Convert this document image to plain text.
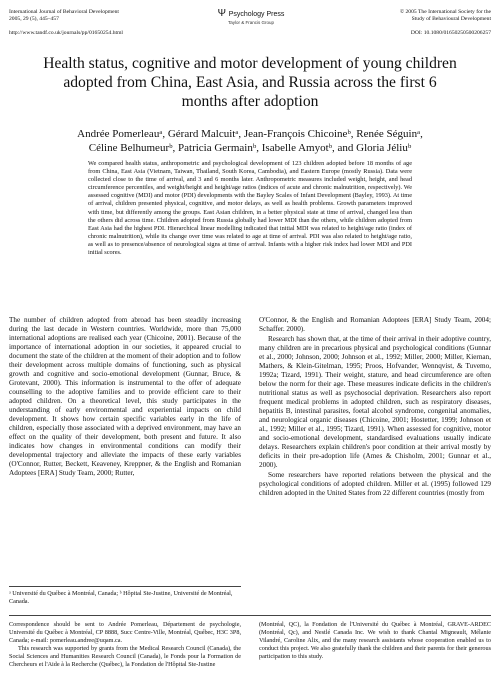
International Journal of Behavioral Development
2005, 29 (5), 445–457	Ψ Psychology Press
Taylor & Francis Group
© 2005 The International Society for the
Study of Behavioural Development
http://www.tandf.co.uk/journals/pp/01650254.html	DOI: 10.1080/01650250500206257
Health status, cognitive and motor development of young children adopted from China, East Asia, and Russia across the first 6 months after adoption
Andrée Pomerleauᵃ, Gérard Malcuitᵃ, Jean-François Chicoineᵇ, Renée Séguinᵃ,
Céline Belhumeurᵇ, Patricia Germainᵇ, Isabelle Amyotᵇ, and Gloria Jéliuᵇ

We compared health status, anthropometric and psychological development of 123 children adopted before 18 months of age from China, East Asia (Vietnam, Taiwan, Thailand, South Korea, Cambodia), and Eastern Europe (mostly Russia). Data were collected close to the time of arrival, and 3 and 6 months later. Anthropometric measures included weight, height, and head circumference percentiles, and weight/height and height/age ratios (indices of acute and chronic malnutrition, respectively). We assessed cognitive (MDI) and motor (PDI) developments with the Bayley Scales of Infant Development (Bayley, 1993). At time of arrival, children presented physical, cognitive, and motor delays, as well as health problems. Growth parameters improved with time, but differently among the groups. East Asian children, in a better physical state at time of arrival, changed less than the others did across time. Children adopted from Russia globally had lower MDI than the others, while children adopted from East Asia had the highest PDI. Hierarchical linear modelling indicated that initial MDI was related to height/age ratio (index of chronic malnutrition), while its change over time was related to age at time of arrival. PDI was also related to height/age ratio, as well as to presence/absence of neurological signs at time of arrival. Infants with a higher risk index had lower MDI and PDI initial scores.

The number of children adopted from abroad has been steadily increasing during the last decade in Western countries. Worldwide, more than 75,000 international adoptions are realised each year (Chicoine, 2001). Because of the importance of international adoption in our societies, it appeared crucial to document the state of the children at the moment of their adoption and to follow their development across multiple domains of functioning, such as physical growth and cognitive and socio-emotional development (Gunnar, Bruce, & Grotevant, 2000). This information is instrumental to the offer of adequate counselling to the adoptive families and to provide efficient care to their adopted children. On a theoretical level, this study participates in the understanding of early environmental and experiential impacts on child development. It shows how certain specific variables early in the life of children, especially those associated with a deprived environment, may have an effect on the quality of their development, both present and future. It also indicates how changes in environmental conditions can modify their developmental trajectory and alleviate the impacts of these early variables (O'Connor, Rutter, Beckett, Keaveney, Kreppner, & the English and Romanian Adoptees [ERA] Study Team, 2000; Rutter,

O'Connor, & the English and Romanian Adoptees [ERA] Study Team, 2004; Schaffer. 2000).

Research has shown that, at the time of their arrival in their adoptive country, many children are in precarious physical and psychological conditions (Gunnar et al., 2000; Johnson, 2000; Johnson et al., 1992; Miller, 2000; Miller, Kiernan, Mathers, & Klein-Gitelman, 1995; Proos, Hofvander, Wennqvist, & Tuvemo, 1992a; Tizard, 1991). Their weight, stature, and head circumference are often below the norm for their age. These measures indicate deficits in the children's nutritional status as well as psychosocial deprivation. Researchers also report frequent medical problems in adopted children, such as respiratory diseases, hepatitis B, intestinal parasites, foetal alcohol syndrome, congenital anomalies, and neurological organic diseases (Chicoine, 2001; Hostetter, 1999; Johnson et al., 1992; Miller et al., 1995; Tizard, 1991). When assessed for cognitive, motor and socio-emotional development, standardised evaluations usually indicate delays. Researchers explain children's poor condition at their arrival mostly by deficits in their pre-adoption life (Ames & Chisholm, 2001; Gunnar et al., 2000).

Some researchers have reported relations between the physical and the psychological conditions of adopted children. Miller et al. (1995) followed 129 children adopted in the United States from 22 different countries (mostly from

ᵃ Université du Québec à Montréal, Canada; ᵇ Hôpital Ste-Justine, Université de Montréal, Canada.

Correspondence should be sent to Andrée Pomerleau, Département de psychologie, Université du Québec à Montréal, CP 8888, Succ Centre-Ville, Montréal, Québec, H3C 3P8, Canada; e-mail: pomerleau.andree@uqam.ca.

This research was supported by grants from the Medical Research Council (Canada), the Social Sciences and Humanities Research Council (Canada), le Fonds pour la Formation de Chercheurs et l'Aide à la Recherche (Québec), la Fondation de l'Hôpital Ste-Justine

(Montréal, QC), la Fondation de l'Université du Québec à Montréal, GRAVE-ARDEC (Montréal, Qc), and Nestlé Canada Inc. We wish to thank Chantal Migneault, Mélanie Vilandré, Caroline Alix, and the many research assistants whose cooperation enabled us to conduct this project. We also gratefully thank the children and their parents for their generous participation to this study.
